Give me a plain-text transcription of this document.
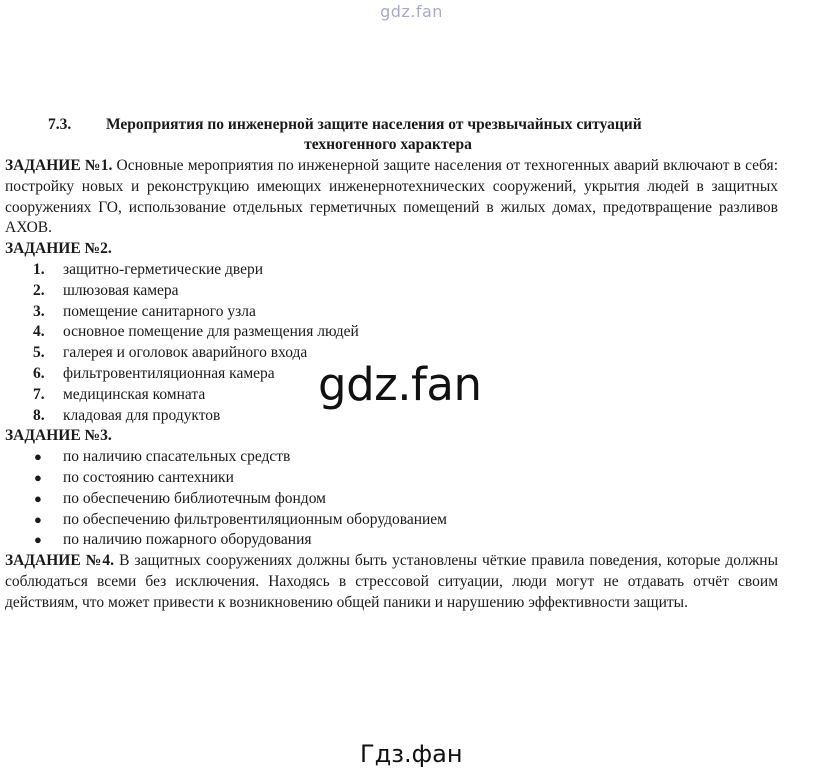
gdz.fan
7.3. Мероприятия по инженерной защите населения от чрезвычайных ситуаций
техногенного характера

ЗАДАНИЕ №1. Основные мероприятия по инженерной защите населения от техногенных аварий включают в себя: постройку новых и реконструкцию имеющих инженернотехнических сооружений, укрытия людей в защитных сооружениях ГО, использование отдельных герметичных помещений в жилых домах, предотвращение разливов АХОВ.

ЗАДАНИЕ №2.

1. защитно-герметические двери
2. шлюзовая камера
3. помещение санитарного узла
4. основное помещение для размещения людей
5. галерея и оголовок аварийного входа
6. фильтровентиляционная камера
7. медицинская комната
8. кладовая для продуктов

ЗАДАНИЕ №3.

● по наличию спасательных средств
● по состоянию сантехники
● по обеспечению библиотечным фондом
● по обеспечению фильтровентиляционным оборудованием
● по наличию пожарного оборудования

ЗАДАНИЕ №4. В защитных сооружениях должны быть установлены чёткие правила поведения, которые должны соблюдаться всеми без исключения. Находясь в стрессовой ситуации, люди могут не отдавать отчёт своим действиям, что может привести к возникновению общей паники и нарушению эффективности защиты.

gdz.fan
Гдз.фан
